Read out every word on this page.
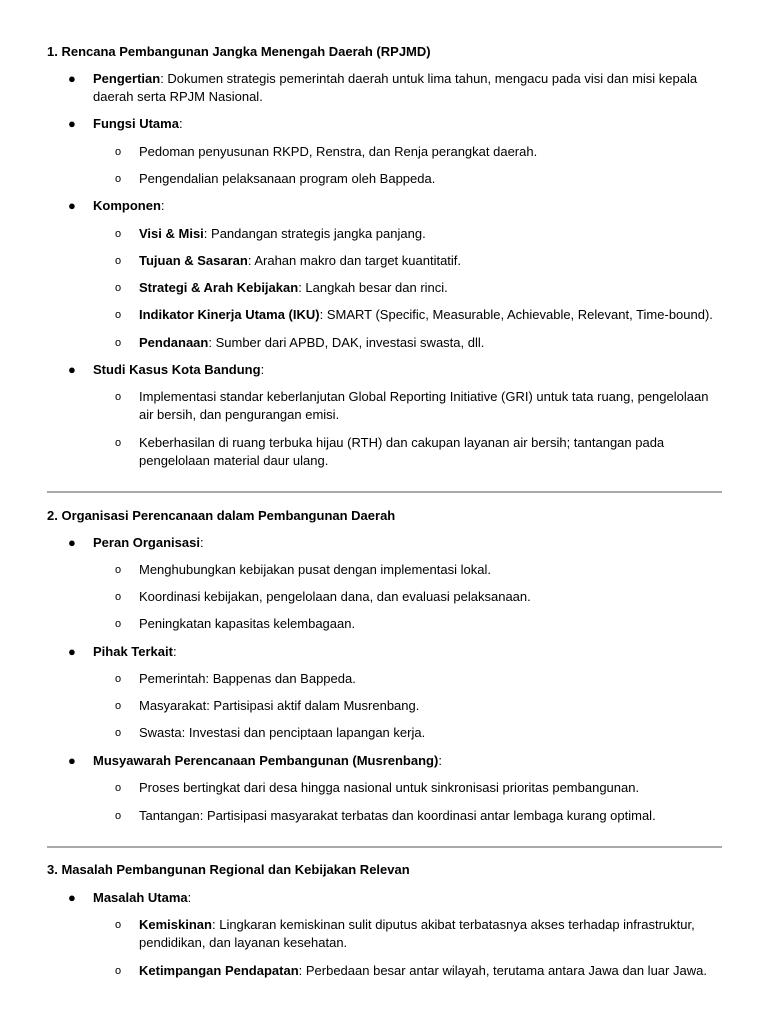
1. Rencana Pembangunan Jangka Menengah Daerah (RPJMD)
● Pengertian: Dokumen strategis pemerintah daerah untuk lima tahun, mengacu pada visi dan misi kepala daerah serta RPJM Nasional.
● Fungsi Utama:
o Pedoman penyusunan RKPD, Renstra, dan Renja perangkat daerah.
o Pengendalian pelaksanaan program oleh Bappeda.
● Komponen:
o Visi & Misi: Pandangan strategis jangka panjang.
o Tujuan & Sasaran: Arahan makro dan target kuantitatif.
o Strategi & Arah Kebijakan: Langkah besar dan rinci.
o Indikator Kinerja Utama (IKU): SMART (Specific, Measurable, Achievable, Relevant, Time-bound).
o Pendanaan: Sumber dari APBD, DAK, investasi swasta, dll.
● Studi Kasus Kota Bandung:
o Implementasi standar keberlanjutan Global Reporting Initiative (GRI) untuk tata ruang, pengelolaan air bersih, dan pengurangan emisi.
o Keberhasilan di ruang terbuka hijau (RTH) dan cakupan layanan air bersih; tantangan pada pengelolaan material daur ulang.
2. Organisasi Perencanaan dalam Pembangunan Daerah
● Peran Organisasi:
o Menghubungkan kebijakan pusat dengan implementasi lokal.
o Koordinasi kebijakan, pengelolaan dana, dan evaluasi pelaksanaan.
o Peningkatan kapasitas kelembagaan.
● Pihak Terkait:
o Pemerintah: Bappenas dan Bappeda.
o Masyarakat: Partisipasi aktif dalam Musrenbang.
o Swasta: Investasi dan penciptaan lapangan kerja.
● Musyawarah Perencanaan Pembangunan (Musrenbang):
o Proses bertingkat dari desa hingga nasional untuk sinkronisasi prioritas pembangunan.
o Tantangan: Partisipasi masyarakat terbatas dan koordinasi antar lembaga kurang optimal.
3. Masalah Pembangunan Regional dan Kebijakan Relevan
● Masalah Utama:
o Kemiskinan: Lingkaran kemiskinan sulit diputus akibat terbatasnya akses terhadap infrastruktur, pendidikan, dan layanan kesehatan.
o Ketimpangan Pendapatan: Perbedaan besar antar wilayah, terutama antara Jawa dan luar Jawa.
